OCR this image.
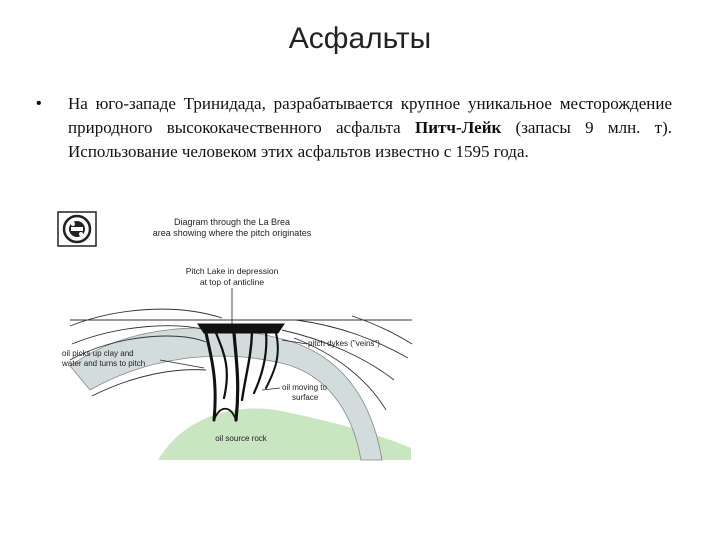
Асфальты
• На юго-западе Тринидада, разрабатывается крупное уникальное месторождение природного высококачественного асфальта Питч-Лейк (запасы 9 млн. т). Использование человеком этих асфальтов известно с 1595 года.
Diagram through the La Brea
area showing where the pitch originates
Pitch Lake in depression
at top of anticline
oil picks up clay and
water and turns to pitch
pitch dykes ("veins")
oil moving to
surface
oil source rock
